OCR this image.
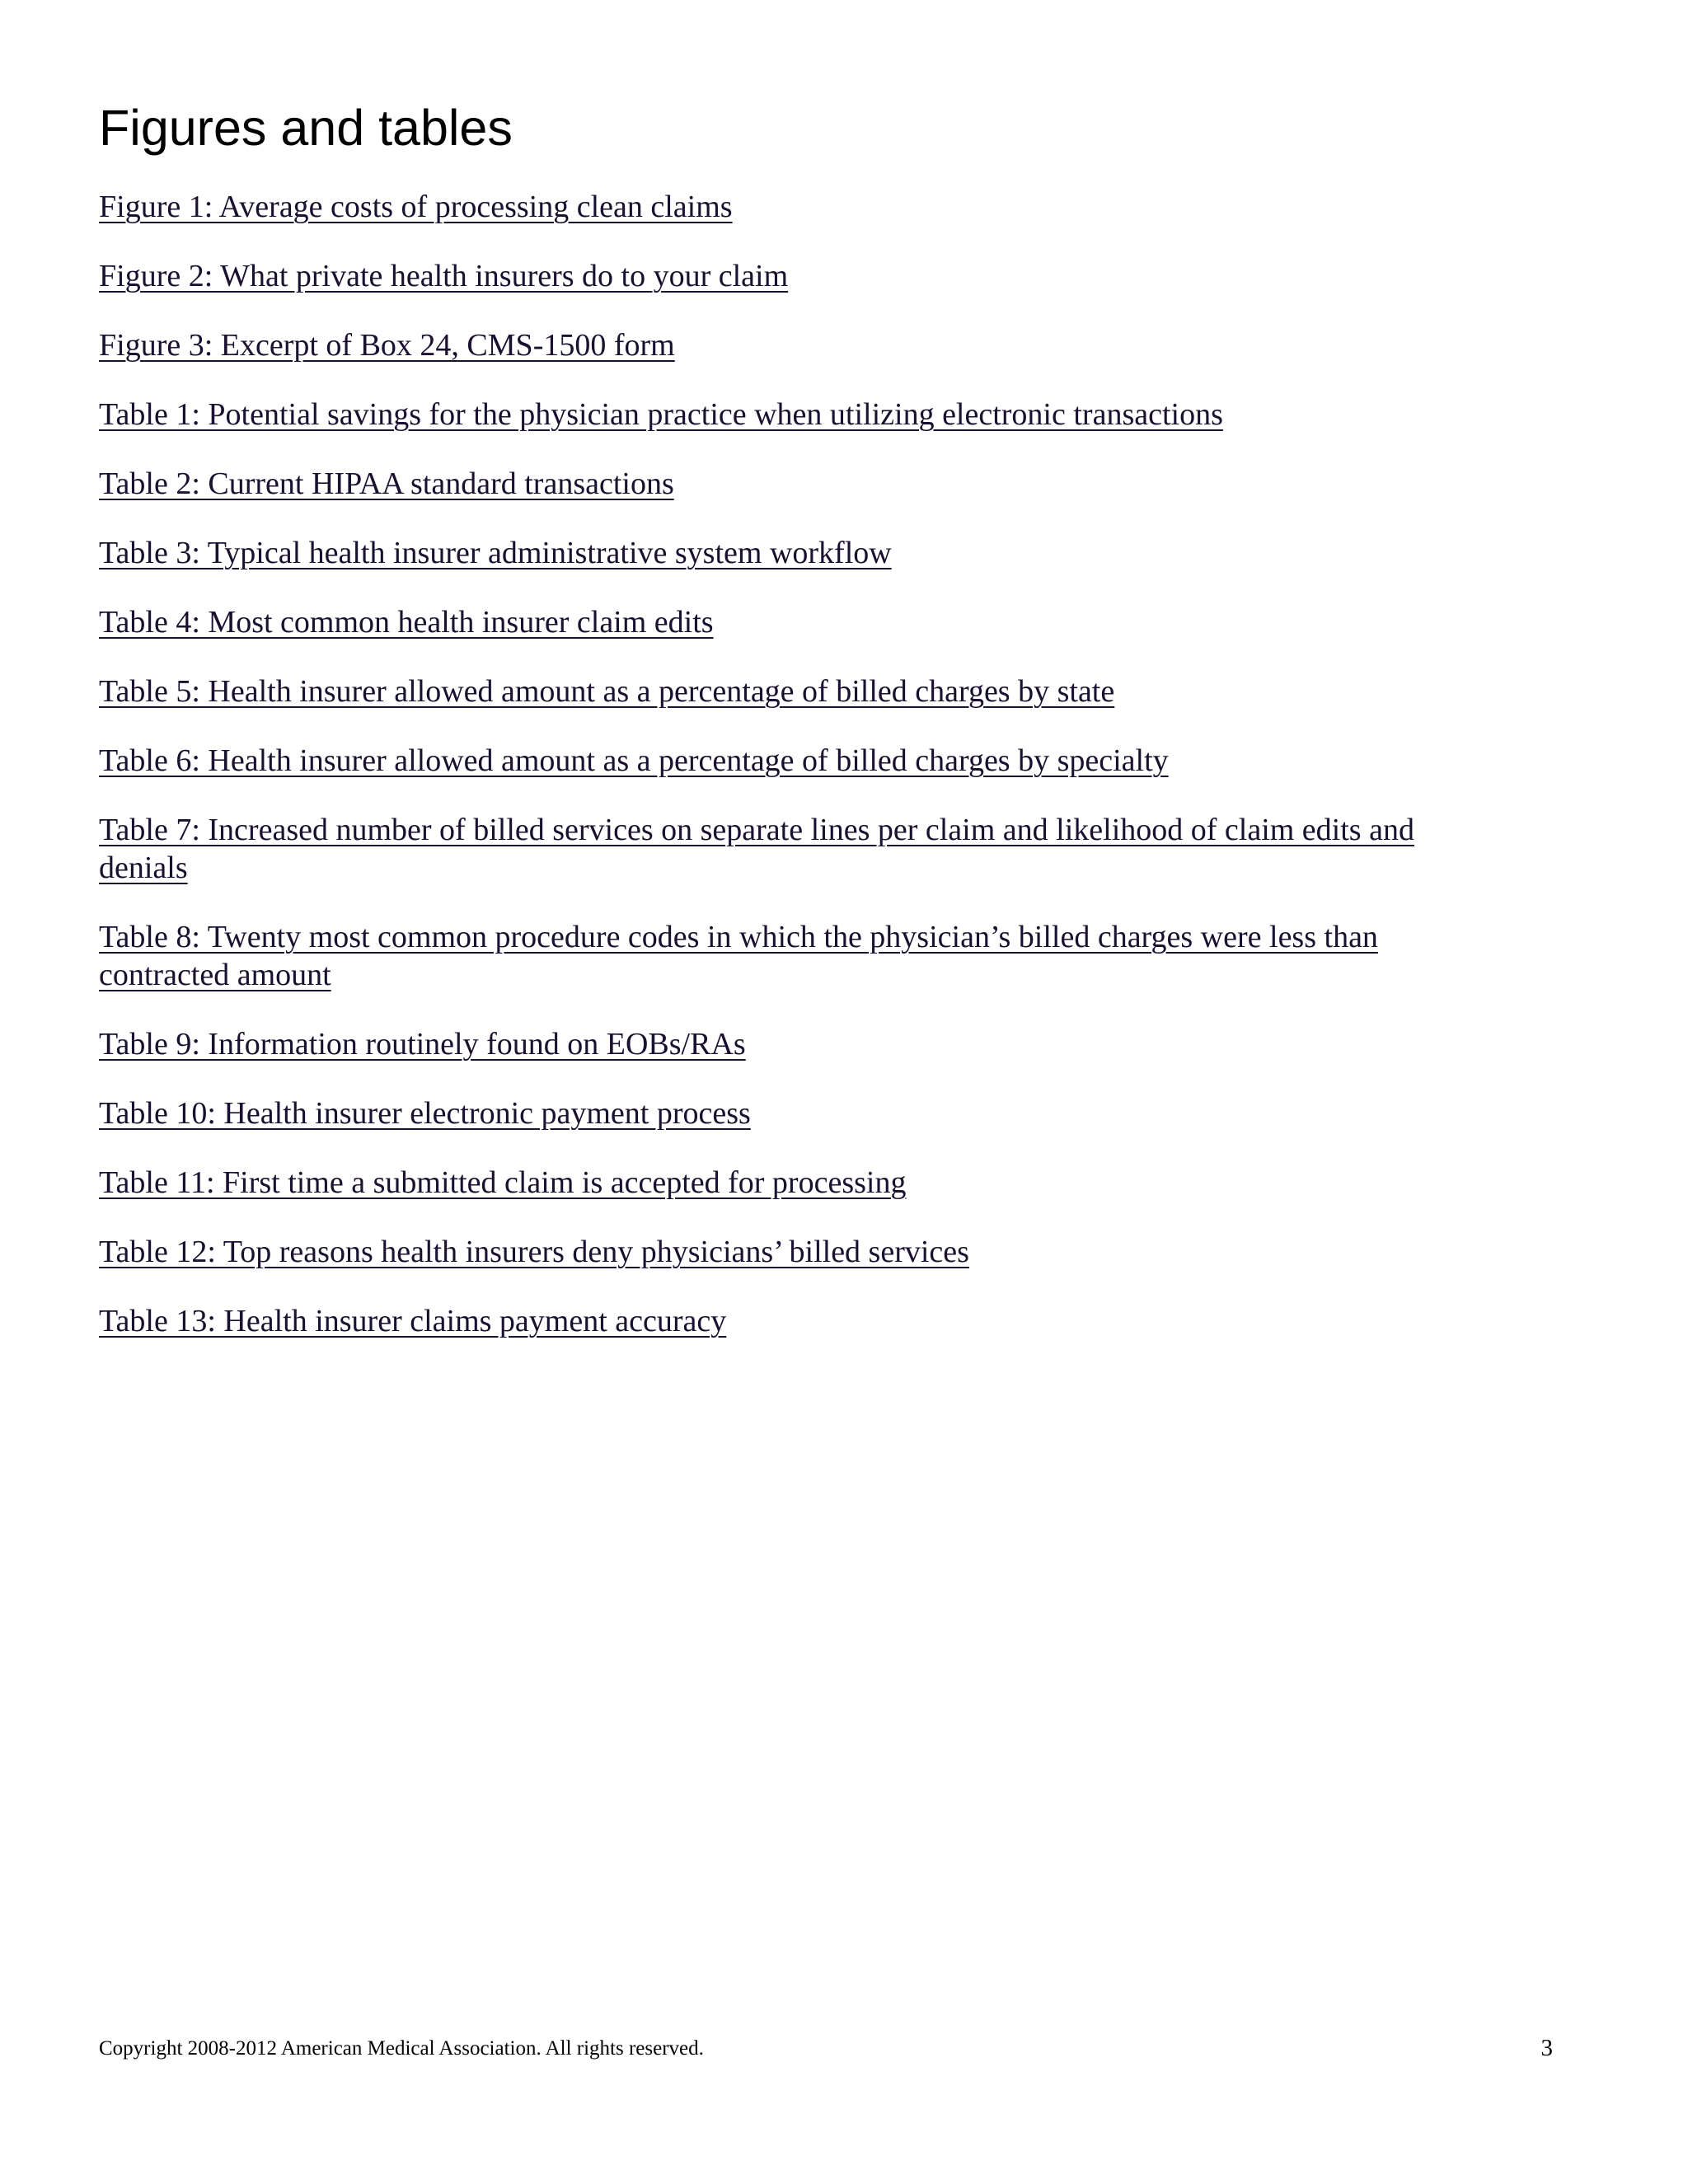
Figures and tables
Figure 1: Average costs of processing clean claims
Figure 2: What private health insurers do to your claim
Figure 3: Excerpt of Box 24, CMS-1500 form
Table 1: Potential savings for the physician practice when utilizing electronic transactions
Table 2: Current HIPAA standard transactions
Table 3: Typical health insurer administrative system workflow
Table 4: Most common health insurer claim edits
Table 5: Health insurer allowed amount as a percentage of billed charges by state
Table 6: Health insurer allowed amount as a percentage of billed charges by specialty
Table 7: Increased number of billed services on separate lines per claim and likelihood of claim edits and denials
Table 8: Twenty most common procedure codes in which the physician’s billed charges were less than contracted amount
Table 9: Information routinely found on EOBs/RAs
Table 10: Health insurer electronic payment process
Table 11: First time a submitted claim is accepted for processing
Table 12: Top reasons health insurers deny physicians’ billed services
Table 13: Health insurer claims payment accuracy
Copyright 2008-2012 American Medical Association. All rights reserved.	3
